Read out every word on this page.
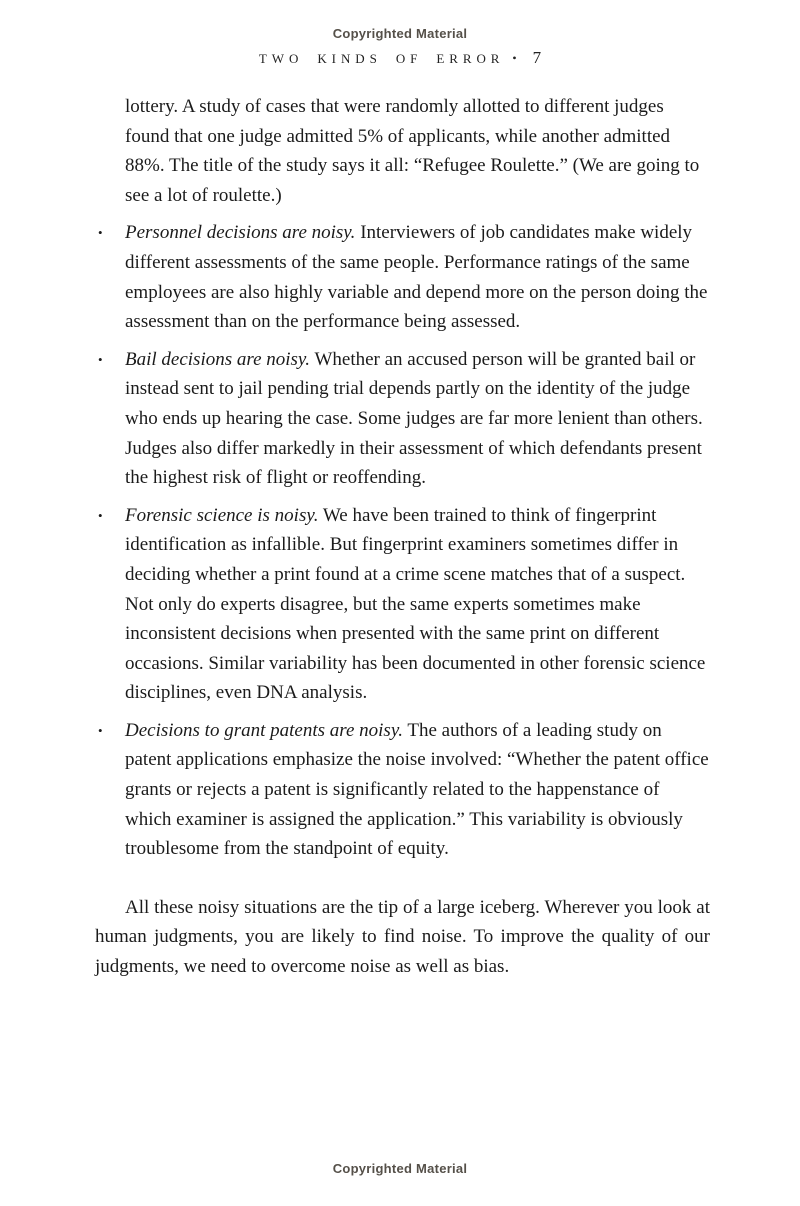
Copyrighted Material
TWO KINDS OF ERROR • 7

lottery. A study of cases that were randomly allotted to different judges found that one judge admitted 5% of applicants, while another admitted 88%. The title of the study says it all: “Refugee Roulette.” (We are going to see a lot of roulette.)

• Personnel decisions are noisy. Interviewers of job candidates make widely different assessments of the same people. Performance ratings of the same employees are also highly variable and depend more on the person doing the assessment than on the performance being assessed.

• Bail decisions are noisy. Whether an accused person will be granted bail or instead sent to jail pending trial depends partly on the identity of the judge who ends up hearing the case. Some judges are far more lenient than others. Judges also differ markedly in their assessment of which defendants present the highest risk of flight or reoffending.

• Forensic science is noisy. We have been trained to think of fingerprint identification as infallible. But fingerprint examiners sometimes differ in deciding whether a print found at a crime scene matches that of a suspect. Not only do experts disagree, but the same experts sometimes make inconsistent decisions when presented with the same print on different occasions. Similar variability has been documented in other forensic science disciplines, even DNA analysis.

• Decisions to grant patents are noisy. The authors of a leading study on patent applications emphasize the noise involved: “Whether the patent office grants or rejects a patent is significantly related to the happenstance of which examiner is assigned the application.” This variability is obviously troublesome from the standpoint of equity.

All these noisy situations are the tip of a large iceberg. Wherever you look at human judgments, you are likely to find noise. To improve the quality of our judgments, we need to overcome noise as well as bias.

Copyrighted Material
